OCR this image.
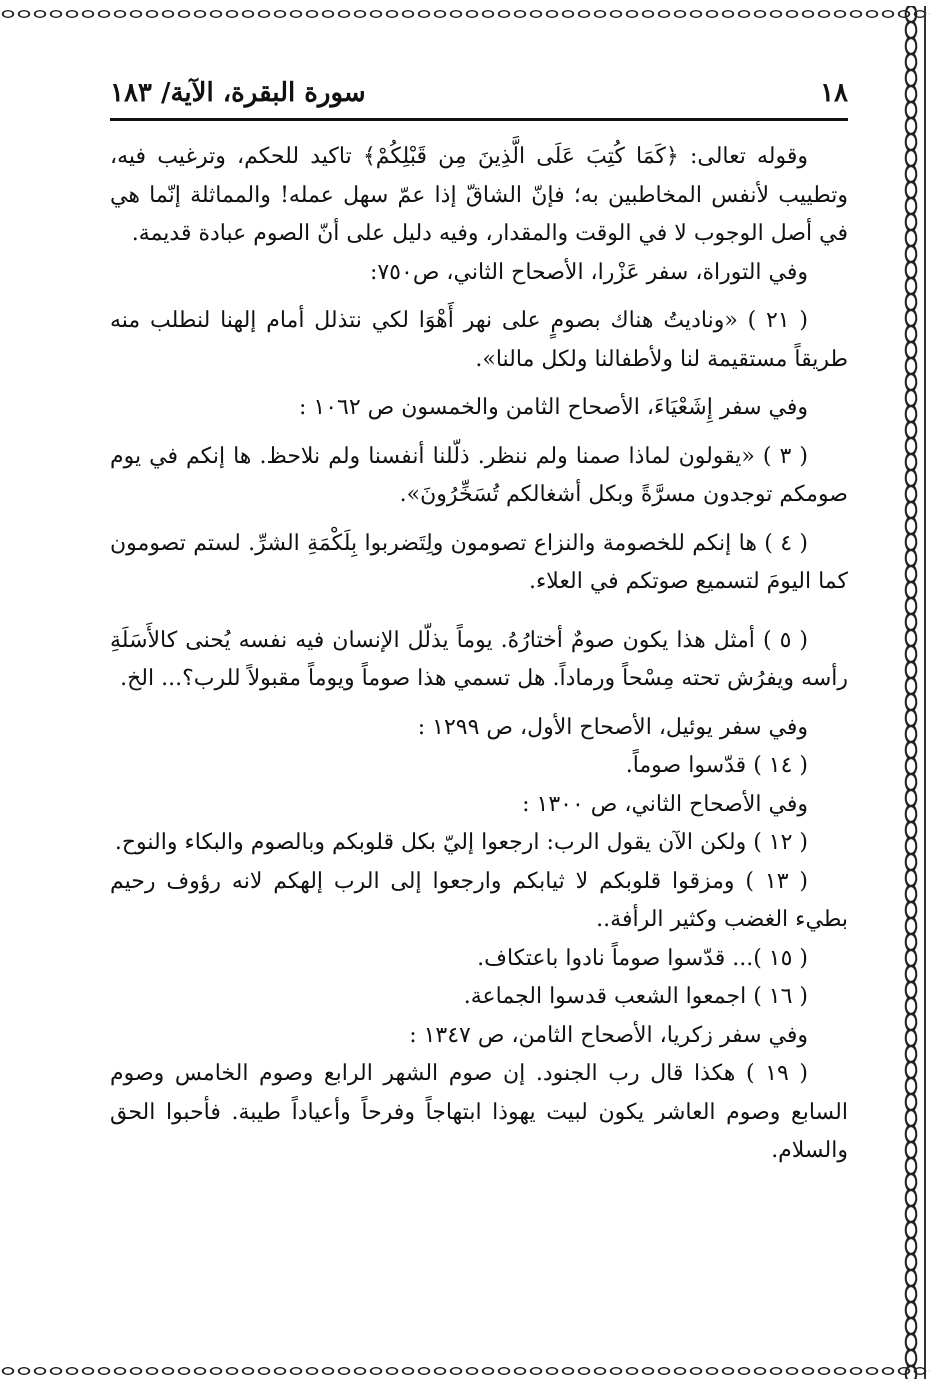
١٨
سورة البقرة، الآية/ ١٨٣

وقوله تعالى: ﴿كَمَا كُتِبَ عَلَى الَّذِينَ مِن قَبْلِكُمْ﴾ تاكيد للحكم، وترغيب فيه، وتطييب لأنفس المخاطبين به؛ فإنّ الشاقّ إذا عمّ سهل عمله! والمماثلة إنّما هي في أصل الوجوب لا في الوقت والمقدار، وفيه دليل على أنّ الصوم عبادة قديمة.

وفي التوراة، سفر عَزْرا، الأصحاح الثاني، ص٧٥٠:

( ٢١ ) «وناديتُ هناك بصومٍ على نهر أَهْوَا لكي نتذلل أمام إلهنا لنطلب منه طريقاً مستقيمة لنا ولأطفالنا ولكل مالنا».

وفي سفر إِشَعْيَاءَ، الأصحاح الثامن والخمسون ص ١٠٦٢ :

( ٣ ) «يقولون لماذا صمنا ولم ننظر. ذلّلنا أنفسنا ولم نلاحظ. ها إنكم في يوم صومكم توجدون مسرَّةً وبكل أشغالكم تُسَخِّرُونَ».

( ٤ ) ها إنكم للخصومة والنزاع تصومون ولِتَضربوا بِلَكْمَةِ الشرِّ. لستم تصومون كما اليومَ لتسميع صوتكم في العلاء.

( ٥ ) أمثل هذا يكون صومٌ أختارُهُ. يوماً يذلّل الإنسان فيه نفسه يُحنى كالأَسَلَةِ رأسه ويفرُش تحته مِسْحاً ورماداً. هل تسمي هذا صوماً ويوماً مقبولاً للرب؟... الخ.

وفي سفر يوئيل، الأصحاح الأول، ص ١٢٩٩ :

( ١٤ ) قدّسوا صوماً.

وفي الأصحاح الثاني، ص ١٣٠٠ :

( ١٢ ) ولكن الآن يقول الرب: ارجعوا إليّ بكل قلوبكم وبالصوم والبكاء والنوح.

( ١٣ ) ومزقوا قلوبكم لا ثيابكم وارجعوا إلى الرب إلهكم لانه رؤوف رحيم بطيء الغضب وكثير الرأفة..

( ١٥ )... قدّسوا صوماً نادوا باعتكاف.

( ١٦ ) اجمعوا الشعب قدسوا الجماعة.

وفي سفر زكريا، الأصحاح الثامن، ص ١٣٤٧ :

( ١٩ ) هكذا قال رب الجنود. إن صوم الشهر الرابع وصوم الخامس وصوم السابع وصوم العاشر يكون لبيت يهوذا ابتهاجاً وفرحاً وأعياداً طيبة. فأحبوا الحق والسلام.
